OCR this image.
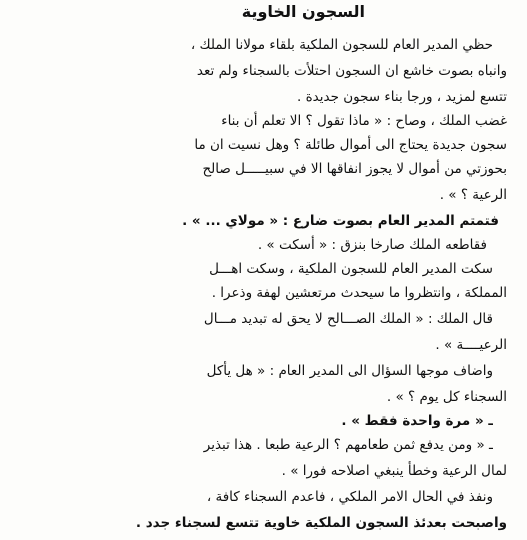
السجون الخاوية
حظي المدير العام للسجون الملكية بلقاء مولانا الملك ،
وانباه بصوت خاشع ان السجون احتلأت بالسجناء ولم تعد
تتسع لمزيد ، ورجا بناء سجون جديدة .
غضب الملك ، وصاح : « ماذا تقول ؟ الا تعلم أن بناء
سجون جديدة يحتاج الى أموال طائلة ؟ وهل نسيت ان ما
بحوزتي من أموال لا يجوز انفاقها الا في سبيـــــل صالح
الرعية ؟ » .
فتمتم المدير العام بصوت ضارع : « مولاي ... » .
فقاطعه الملك صارخا بنزق : « أسكت » .
سكت المدير العام للسجون الملكية ، وسكت اهـــل
المملكة ، وانتظروا ما سيحدث مرتعشين لهفة وذعرا .
قال الملك : « الملك الصـــالح لا يحق له تبديد مـــال
الرعيــــة » .
واضاف موجها السؤال الى المدير العام : « هل يأكل
السجناء كل يوم ؟ » .
ـ « مرة واحدة فقط » .
ـ « ومن يدفع ثمن طعامهم ؟ الرعية طبعا . هذا تبذير
لمال الرعية وخطأ ينبغي اصلاحه فورا » .
ونفذ في الحال الامر الملكي ، فاعدم السجناء كافة ،
واصبحت بعدئذ السجون الملكية خاوية تتسع لسجناء جدد .
